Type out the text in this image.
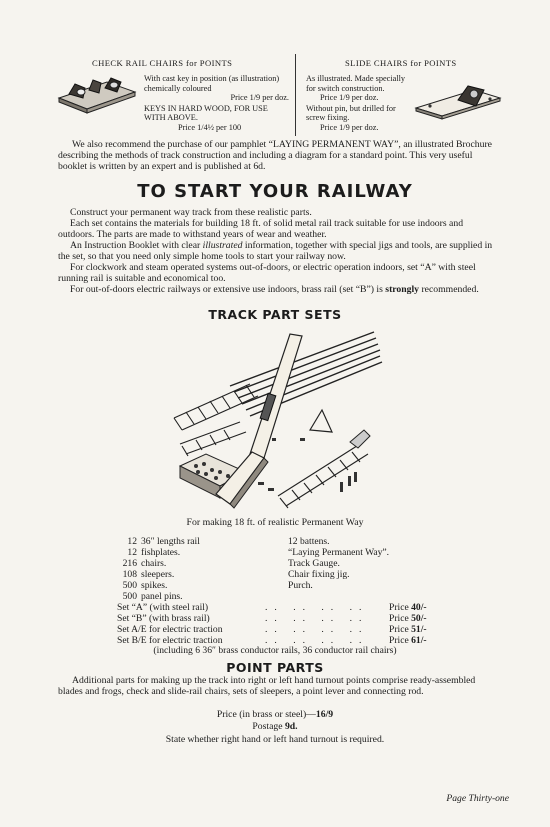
CHECK RAIL CHAIRS for POINTS
With cast key in position (as illustration) chemically coloured
Price 1/9 per doz.
KEYS IN HARD WOOD, FOR USE WITH ABOVE.
Price 1/4½ per 100
SLIDE CHAIRS for POINTS
As illustrated. Made specially for switch construction.
Price 1/9 per doz.
Without pin, but drilled for screw fixing.
Price 1/9 per doz.
We also recommend the purchase of our pamphlet “LAYING PERMANENT WAY”, an illustrated Brochure describing the methods of track construction and including a diagram for a standard point. This very useful booklet is written by an expert and is published at 6d.
TO START YOUR RAILWAY

Construct your permanent way track from these realistic parts.

Each set contains the materials for building 18 ft. of solid metal rail track suitable for use indoors and outdoors. The parts are made to withstand years of wear and weather.

An Instruction Booklet with clear illustrated information, together with special jigs and tools, are supplied in the set, so that you need only simple home tools to start your railway now.

For clockwork and steam operated systems out-of-doors, or electric operation indoors, set “A” with steel running rail is suitable and economical too.

For out-of-doors electric railways or extensive use indoors, brass rail (set “B”) is strongly recommended.

TRACK PART SETS
For making 18 ft. of realistic Permanent Way
12 36″ lengths rail
12 fishplates.
216 chairs.
108 sleepers.
500 spikes.
500 panel pins.
12 battens.
“Laying Permanent Way”.
Track Gauge.
Chair fixing jig.
Purch.
Set “A” (with steel rail)	.. .. .. .. Price 40/-
Set “B” (with brass rail)	.. .. .. .. Price 50/-
Set A/E for electric traction	.. .. .. .. Price 51/-
Set B/E for electric traction	.. .. .. .. Price 61/-
(including 6 36″ brass conductor rails, 36 conductor rail chairs)
POINT PARTS
Additional parts for making up the track into right or left hand turnout points comprise ready-assembled blades and frogs, check and slide-rail chairs, sets of sleepers, a point lever and connecting rod.
Price (in brass or steel)—16/9
Postage 9d.
State whether right hand or left hand turnout is required.
Page Thirty-one
